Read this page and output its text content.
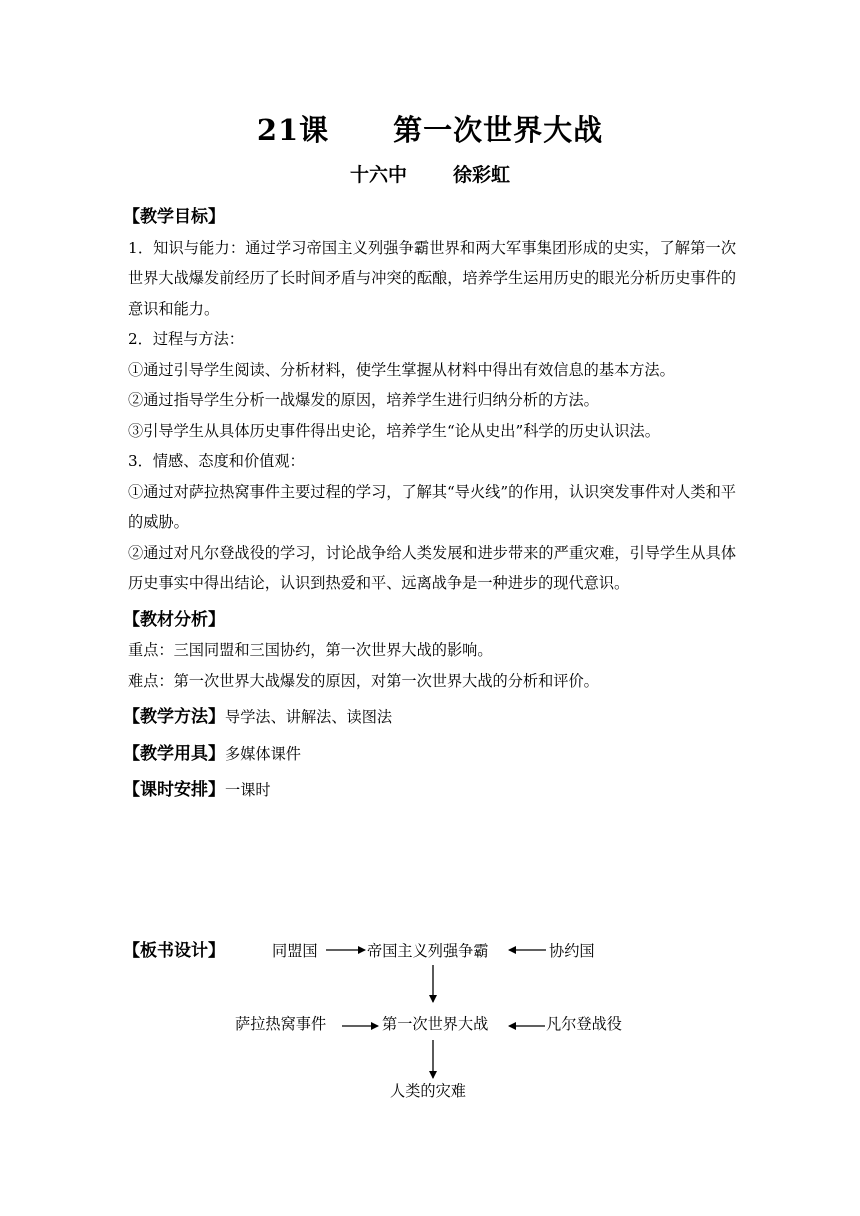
21课 第一次世界大战
十六中 徐彩虹
【教学目标】

1．知识与能力：通过学习帝国主义列强争霸世界和两大军事集团形成的史实，了解第一次世界大战爆发前经历了长时间矛盾与冲突的酝酿，培养学生运用历史的眼光分析历史事件的意识和能力。

2．过程与方法：

①通过引导学生阅读、分析材料，使学生掌握从材料中得出有效信息的基本方法。

②通过指导学生分析一战爆发的原因，培养学生进行归纳分析的方法。

③引导学生从具体历史事件得出史论，培养学生“论从史出”科学的历史认识法。

3．情感、态度和价值观：

①通过对萨拉热窝事件主要过程的学习，了解其“导火线”的作用，认识突发事件对人类和平的威胁。

②通过对凡尔登战役的学习，讨论战争给人类发展和进步带来的严重灾难，引导学生从具体历史事实中得出结论，认识到热爱和平、远离战争是一种进步的现代意识。

【教材分析】

重点：三国同盟和三国协约，第一次世界大战的影响。

难点：第一次世界大战爆发的原因，对第一次世界大战的分析和评价。

【教学方法】导学法、讲解法、读图法
【教学用具】多媒体课件
【课时安排】一课时
【板书设计】	同盟国	帝国主义列强争霸	协约国
萨拉热窝事件	第一次世界大战	凡尔登战役
人类的灾难
